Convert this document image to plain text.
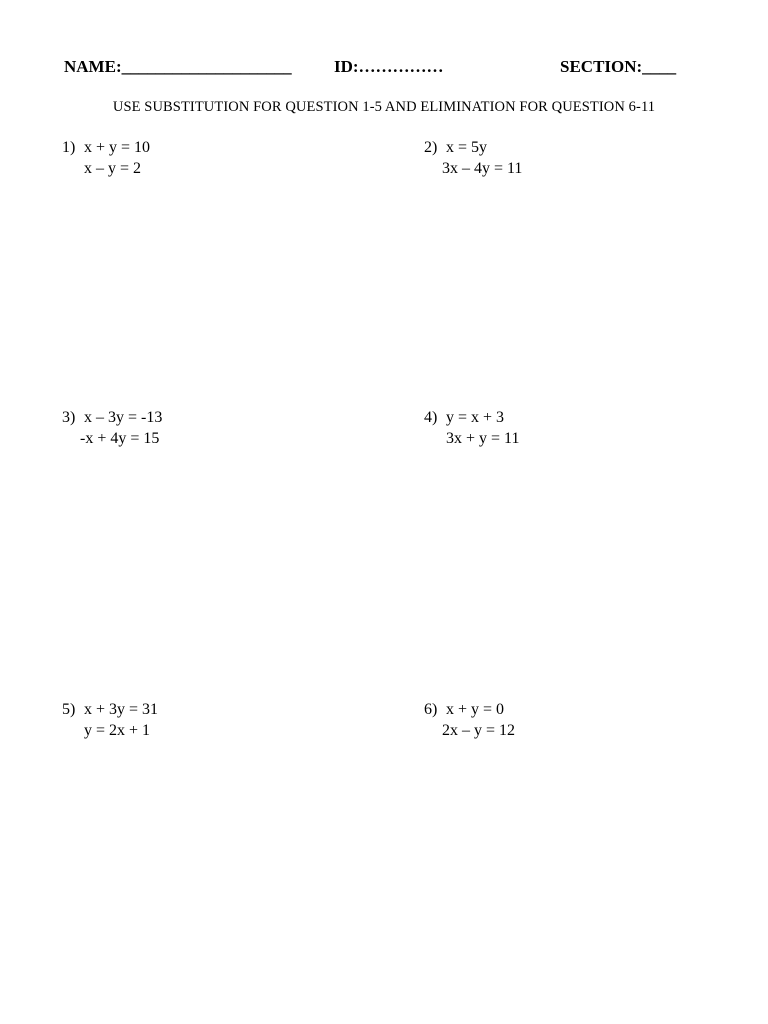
NAME:____________________ ID:……………	SECTION:____
USE SUBSTITUTION FOR QUESTION 1-5 AND ELIMINATION FOR QUESTION 6-11
1) x + y = 10
x – y = 2
2) x = 5y
3x – 4y = 11
3) x – 3y = -13
-x + 4y = 15
4) y = x + 3
3x + y = 11
5) x + 3y = 31
y = 2x + 1
6) x + y = 0
2x – y = 12
